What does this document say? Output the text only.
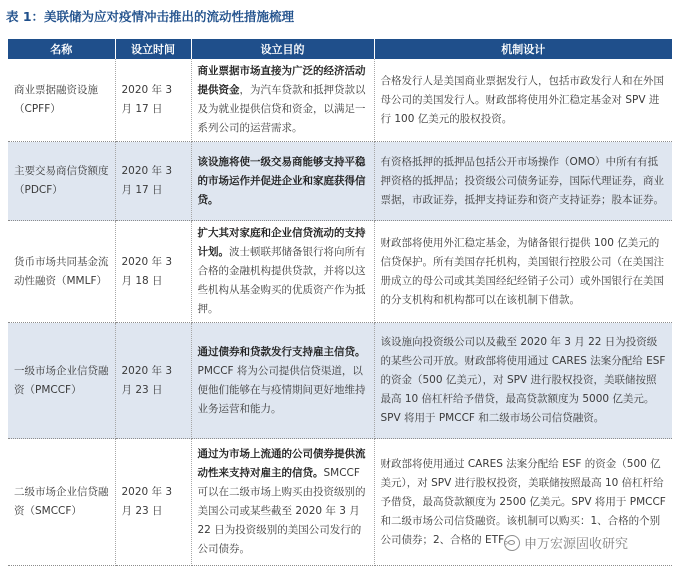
表 1：美联储为应对疫情冲击推出的流动性措施梳理
名称	设立时间	设立目的	机制设计
商业票据融资设施（CPFF）	2020 年 3 月 17 日	商业票据市场直接为广泛的经济活动提供资金，为汽车贷款和抵押贷款以及为就业提供信贷和资金，以满足一系列公司的运营需求。	合格发行人是美国商业票据发行人，包括市政发行人和在外国母公司的美国发行人。财政部将使用外汇稳定基金对 SPV 进行 100 亿美元的股权投资。
主要交易商信贷额度（PDCF）	2020 年 3 月 17 日	该设施将使一级交易商能够支持平稳的市场运作并促进企业和家庭获得信贷。	有资格抵押的抵押品包括公开市场操作（OMO）中所有有抵押资格的抵押品；投资级公司债务证券，国际代理证券，商业票据，市政证券，抵押支持证券和资产支持证券；股本证券。
货币市场共同基金流动性融资（MMLF）	2020 年 3 月 18 日	扩大其对家庭和企业信贷流动的支持计划。波士顿联邦储备银行将向所有合格的金融机构提供贷款，并将以这些机构从基金购买的优质资产作为抵押。	财政部将使用外汇稳定基金，为储备银行提供 100 亿美元的信贷保护。所有美国存托机构，美国银行控股公司（在美国注册成立的母公司或其美国经纪经销子公司）或外国银行在美国的分支机构和机构都可以在该机制下借款。
一级市场企业信贷融资（PMCCF）	2020 年 3 月 23 日	通过债券和贷款发行支持雇主信贷。PMCCF 将为公司提供信贷渠道，以便他们能够在与疫情期间更好地维持业务运营和能力。	该设施向投资级公司以及截至 2020 年 3 月 22 日为投资级的某些公司开放。财政部将使用通过 CARES 法案分配给 ESF 的资金（500 亿美元），对 SPV 进行股权投资，美联储按照最高 10 倍杠杆给予借贷，最高贷款额度为 5000 亿美元。SPV 将用于 PMCCF 和二级市场公司信贷融资。
二级市场企业信贷融资（SMCCF）	2020 年 3 月 23 日	通过为市场上流通的公司债券提供流动性来支持对雇主的信贷。SMCCF 可以在二级市场上购买由投资级别的美国公司或某些截至 2020 年 3 月 22 日为投资级别的美国公司发行的公司债券。	财政部将使用通过 CARES 法案分配给 ESF 的资金（500 亿美元），对 SPV 进行股权投资，美联储按照最高 10 倍杠杆给予借贷，最高贷款额度为 2500 亿美元。SPV 将用于 PMCCF 和二级市场公司信贷融资。该机制可以购买：1、合格的个别公司债券；2、合格的 ETF。 申万宏源固收研究
